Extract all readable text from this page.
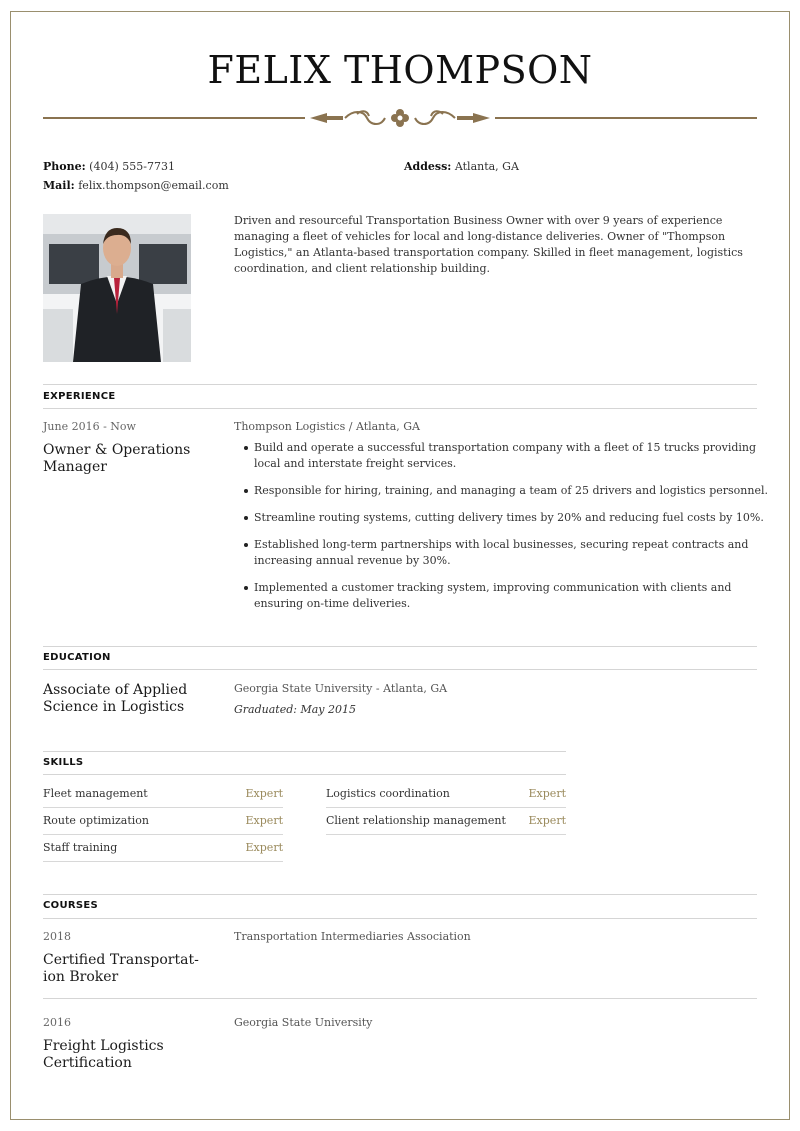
FELIX THOMPSON
Phone: (404) 555-7731
Mail: felix.thompson@email.com
Addess: Atlanta, GA

Driven and resourceful Transportation Business Owner with over 9 years of experience managing a fleet of vehicles for local and long-distance deliveries. Owner of "Thompson Logistics," an Atlanta-based transportation company. Skilled in fleet management, logistics coordination, and client relationship building.

EXPERIENCE
June 2016 - Now
Owner & Operations
Manager
Thompson Logistics / Atlanta, GA
Build and operate a successful transportation company with a fleet of 15 trucks providing local and interstate freight services.
Responsible for hiring, training, and managing a team of 25 drivers and logistics personnel.
Streamline routing systems, cutting delivery times by 20% and reducing fuel costs by 10%.
Established long-term partnerships with local businesses, securing repeat contracts and increasing annual revenue by 30%.
Implemented a customer tracking system, improving communication with clients and ensuring on-time deliveries.
EDUCATION
Associate of Applied
Science in Logistics
Georgia State University - Atlanta, GA
Graduated: May 2015
SKILLS
Fleet management	Expert
Route optimization	Expert
Staff training	Expert
Logistics coordination	Expert
Client relationship management Expert
COURSES
2018	Transportation Intermediaries Association
Certified Transportat-
ion Broker
2016	Georgia State University
Freight Logistics
Certification
